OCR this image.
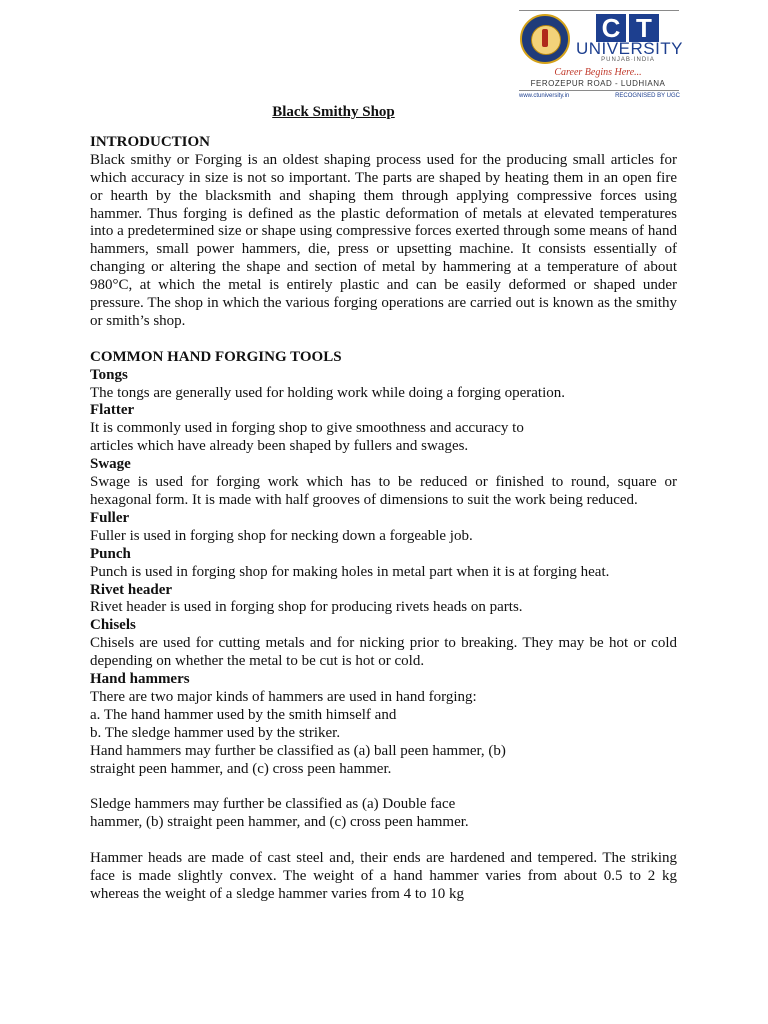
C T
UNIVERSITY
PUNJAB·INDIA
Career Begins Here...
FEROZEPUR ROAD - LUDHIANA
www.ctuniversity.in	RECOGNISED BY UGC

Black Smithy Shop

INTRODUCTION

Black smithy or Forging is an oldest shaping process used for the producing small articles for which accuracy in size is not so important. The parts are shaped by heating them in an open fire or hearth by the blacksmith and shaping them through applying compressive forces using hammer. Thus forging is defined as the plastic deformation of metals at elevated temperatures into a predetermined size or shape using compressive forces exerted through some means of hand hammers, small power hammers, die, press or upsetting machine. It consists essentially of changing or altering the shape and section of metal by hammering at a temperature of about 980°C, at which the metal is entirely plastic and can be easily deformed or shaped under pressure. The shop in which the various forging operations are carried out is known as the smithy or smith’s shop.

COMMON HAND FORGING TOOLS

Tongs

The tongs are generally used for holding work while doing a forging operation.

Flatter

It is commonly used in forging shop to give smoothness and accuracy to

articles which have already been shaped by fullers and swages.

Swage

Swage is used for forging work which has to be reduced or finished to round, square or hexagonal form. It is made with half grooves of dimensions to suit the work being reduced.

Fuller

Fuller is used in forging shop for necking down a forgeable job.

Punch

Punch is used in forging shop for making holes in metal part when it is at forging heat.

Rivet header

Rivet header is used in forging shop for producing rivets heads on parts.

Chisels

Chisels are used for cutting metals and for nicking prior to breaking. They may be hot or cold depending on whether the metal to be cut is hot or cold.

Hand hammers

There are two major kinds of hammers are used in hand forging:

a. The hand hammer used by the smith himself and

b. The sledge hammer used by the striker.

Hand hammers may further be classified as (a) ball peen hammer, (b)

straight peen hammer, and (c) cross peen hammer.

Sledge hammers may further be classified as (a) Double face

hammer, (b) straight peen hammer, and (c) cross peen hammer.

Hammer heads are made of cast steel and, their ends are hardened and tempered. The striking face is made slightly convex. The weight of a hand hammer varies from about 0.5 to 2 kg whereas the weight of a sledge hammer varies from 4 to 10 kg
